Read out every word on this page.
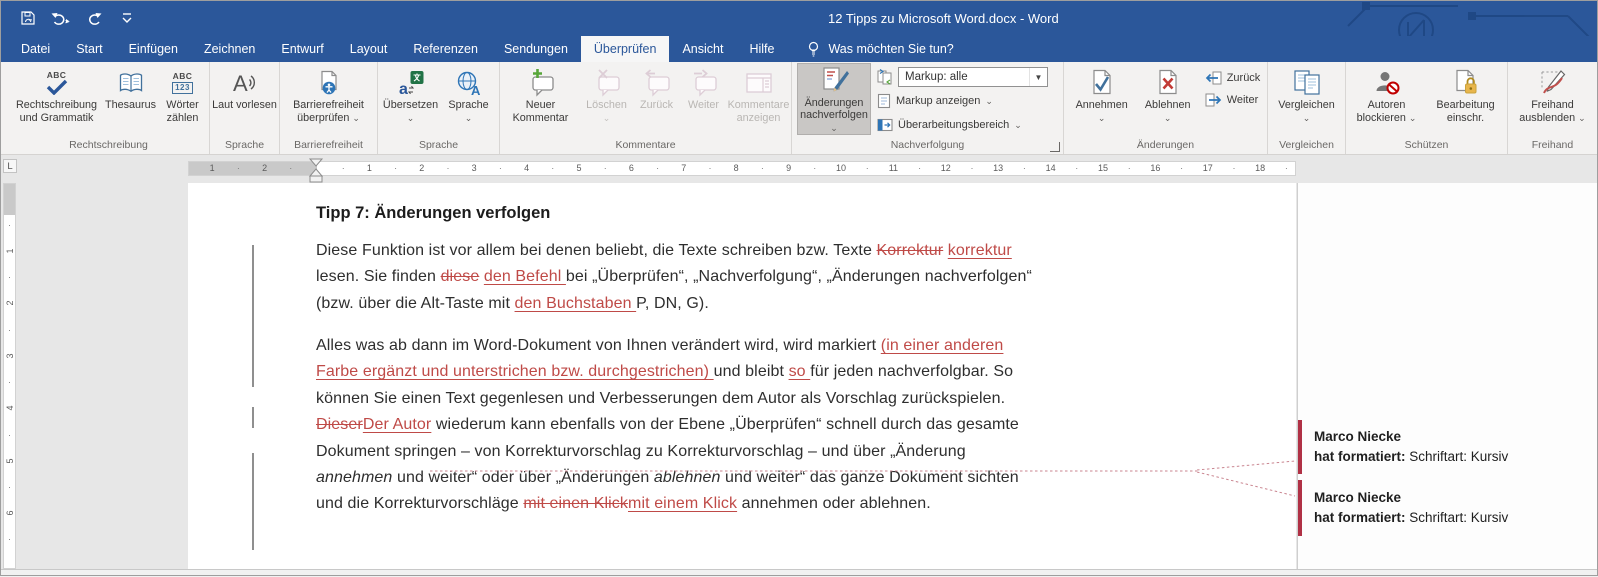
12 Tipps zu Microsoft Word.docx - Word
Datei	Start	Einfügen	Zeichnen	Entwurf	Layout	Referenzen	Sendungen	Überprüfen	Ansicht	Hilfe	Was möchten Sie tun?
ABC
Rechtschreibung und Grammatik
Thesaurus
ABC
123
Wörter zählen
Rechtschreibung
A
Laut vorlesen
Sprache
Barrierefreiheit überprüfen ⌄
Barrierefreiheit
a
Übersetzen
⌄
A
Sprache
⌄
Sprache
Neuer Kommentar
Löschen
⌄
Zurück Weiter Kommentare anzeigen
Kommentare
Änderungen nachverfolgen ⌄
Markup: alle	▼
Markup anzeigen ⌄
Überarbeitungsbereich ⌄
Nachverfolgung
Annehmen
⌄
Ablehnen
⌄
Zurück
Weiter
Änderungen
Vergleichen
⌄
Vergleichen
Autoren blockieren ⌄
Bearbeitung einschr.
Schützen
Freihand ausblenden ⌄
Freihand
L	2
1	1	2	3	4	5	6	7	8	9	10	11	12	13	14	15	16	17	18
·	·	·	·	·	·	·	·	·	·	·	·	·	·	·	·	·	·	·	·	·
1
2
3
4
5
6
·
·
·
·
·
·
·
Tipp 7: Änderungen verfolgen
Diese Funktion ist vor allem bei denen beliebt, die Texte schreiben bzw. Texte Korrektur korrektur
lesen. Sie finden diese den Befehl bei „Überprüfen“, „Nachverfolgung“, „Änderungen nachverfolgen“
(bzw. über die Alt-Taste mit den Buchstaben P, DN, G).
Alles was ab dann im Word-Dokument von Ihnen verändert wird, wird markiert (in einer anderen
Farbe ergänzt und unterstrichen bzw. durchgestrichen) und bleibt so für jeden nachverfolgbar. So
können Sie einen Text gegenlesen und Verbesserungen dem Autor als Vorschlag zurückspielen.
DieserDer Autor wiederum kann ebenfalls von der Ebene „Überprüfen“ schnell durch das gesamte
Dokument springen – von Korrekturvorschlag zu Korrekturvorschlag – und über „Änderung
annehmen und weiter“ oder über „Änderungen ablehnen und weiter“ das ganze Dokument sichten
und die Korrekturvorschläge mit einen Klickmit einem Klick annehmen oder ablehnen.
Marco Niecke
hat formatiert: Schriftart: Kursiv
Marco Niecke
hat formatiert: Schriftart: Kursiv
